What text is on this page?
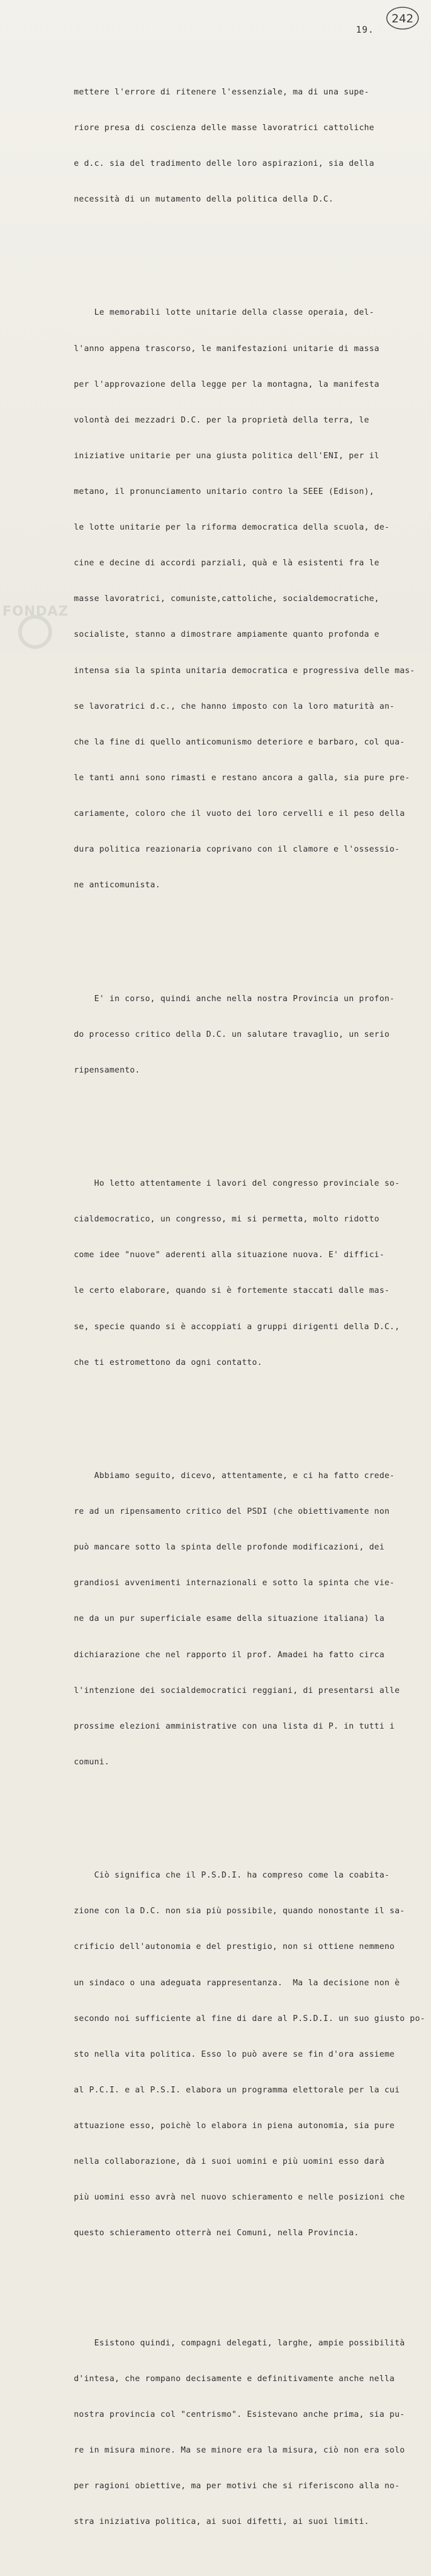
242
19.

mettere l'errore di ritenere l'essenziale, ma di una supe-

riore presa di coscienza delle masse lavoratrici cattoliche

e d.c. sia del tradimento delle loro aspirazioni, sia della

necessità di un mutamento della politica della D.C.

Le memorabili lotte unitarie della classe operaia, del-

l'anno appena trascorso, le manifestazioni unitarie di massa

per l'approvazione della legge per la montagna, la manifesta

volontà dei mezzadri D.C. per la proprietà della terra, le

iniziative unitarie per una giusta politica dell'ENI, per il

metano, il pronunciamento unitario contro la SEEE (Edison),

le lotte unitarie per la riforma democratica della scuola, de-

cine e decine di accordi parziali, quà e là esistenti fra le

masse lavoratrici, comuniste,cattoliche, socialdemocratiche,

socialiste, stanno a dimostrare ampiamente quanto profonda e

intensa sia la spinta unitaria democratica e progressiva delle mas-

se lavoratrici d.c., che hanno imposto con la loro maturità an-

che la fine di quello anticomunismo deteriore e barbaro, col qua-

le tanti anni sono rimasti e restano ancora a galla, sia pure pre-

cariamente, coloro che il vuoto dei loro cervelli e il peso della

dura politica reazionaria coprivano con il clamore e l'ossessio-

ne anticomunista.

E' in corso, quindi anche nella nostra Provincia un profon-

do processo critico della D.C. un salutare travaglio, un serio

ripensamento.

Ho letto attentamente i lavori del congresso provinciale so-

cialdemocratico, un congresso, mi si permetta, molto ridotto

come idee "nuove" aderenti alla situazione nuova. E' diffici-

le certo elaborare, quando si è fortemente staccati dalle mas-

se, specie quando si è accoppiati a gruppi dirigenti della D.C.,

che ti estromettono da ogni contatto.

Abbiamo seguito, dicevo, attentamente, e ci ha fatto crede-

re ad un ripensamento critico del PSDI (che obiettivamente non

può mancare sotto la spinta delle profonde modificazioni, dei

grandiosi avvenimenti internazionali e sotto la spinta che vie-

ne da un pur superficiale esame della situazione italiana) la

dichiarazione che nel rapporto il prof. Amadei ha fatto circa

l'intenzione dei socialdemocratici reggiani, di presentarsi alle

prossime elezioni amministrative con una lista di P. in tutti i

comuni.

Ciò significa che il P.S.D.I. ha compreso come la coabita-

zione con la D.C. non sia più possibile, quando nonostante il sa-

crificio dell'autonomia e del prestigio, non si ottiene nemmeno

un sindaco o una adeguata rappresentanza.  Ma la decisione non è

secondo noi sufficiente al fine di dare al P.S.D.I. un suo giusto po-

sto nella vita politica. Esso lo può avere se fin d'ora assieme

al P.C.I. e al P.S.I. elabora un programma elettorale per la cui

attuazione esso, poichè lo elabora in piena autonomia, sia pure

nella collaborazione, dà i suoi uomini e più uomini esso darà

più uomini esso avrà nel nuovo schieramento e nelle posizioni che

questo schieramento otterrà nei Comuni, nella Provincia.

Esistono quindi, compagni delegati, larghe, ampie possibilità

d'intesa, che rompano decisamente e definitivamente anche nella

nostra provincia col "centrismo". Esistevano anche prima, sia pu-

re in misura minore. Ma se minore era la misura, ciò non era solo

per ragioni obiettive, ma per motivi che si riferiscono alla no-

stra iniziativa politica, ai suoi difetti, ai suoi limiti.

FONDAZ
